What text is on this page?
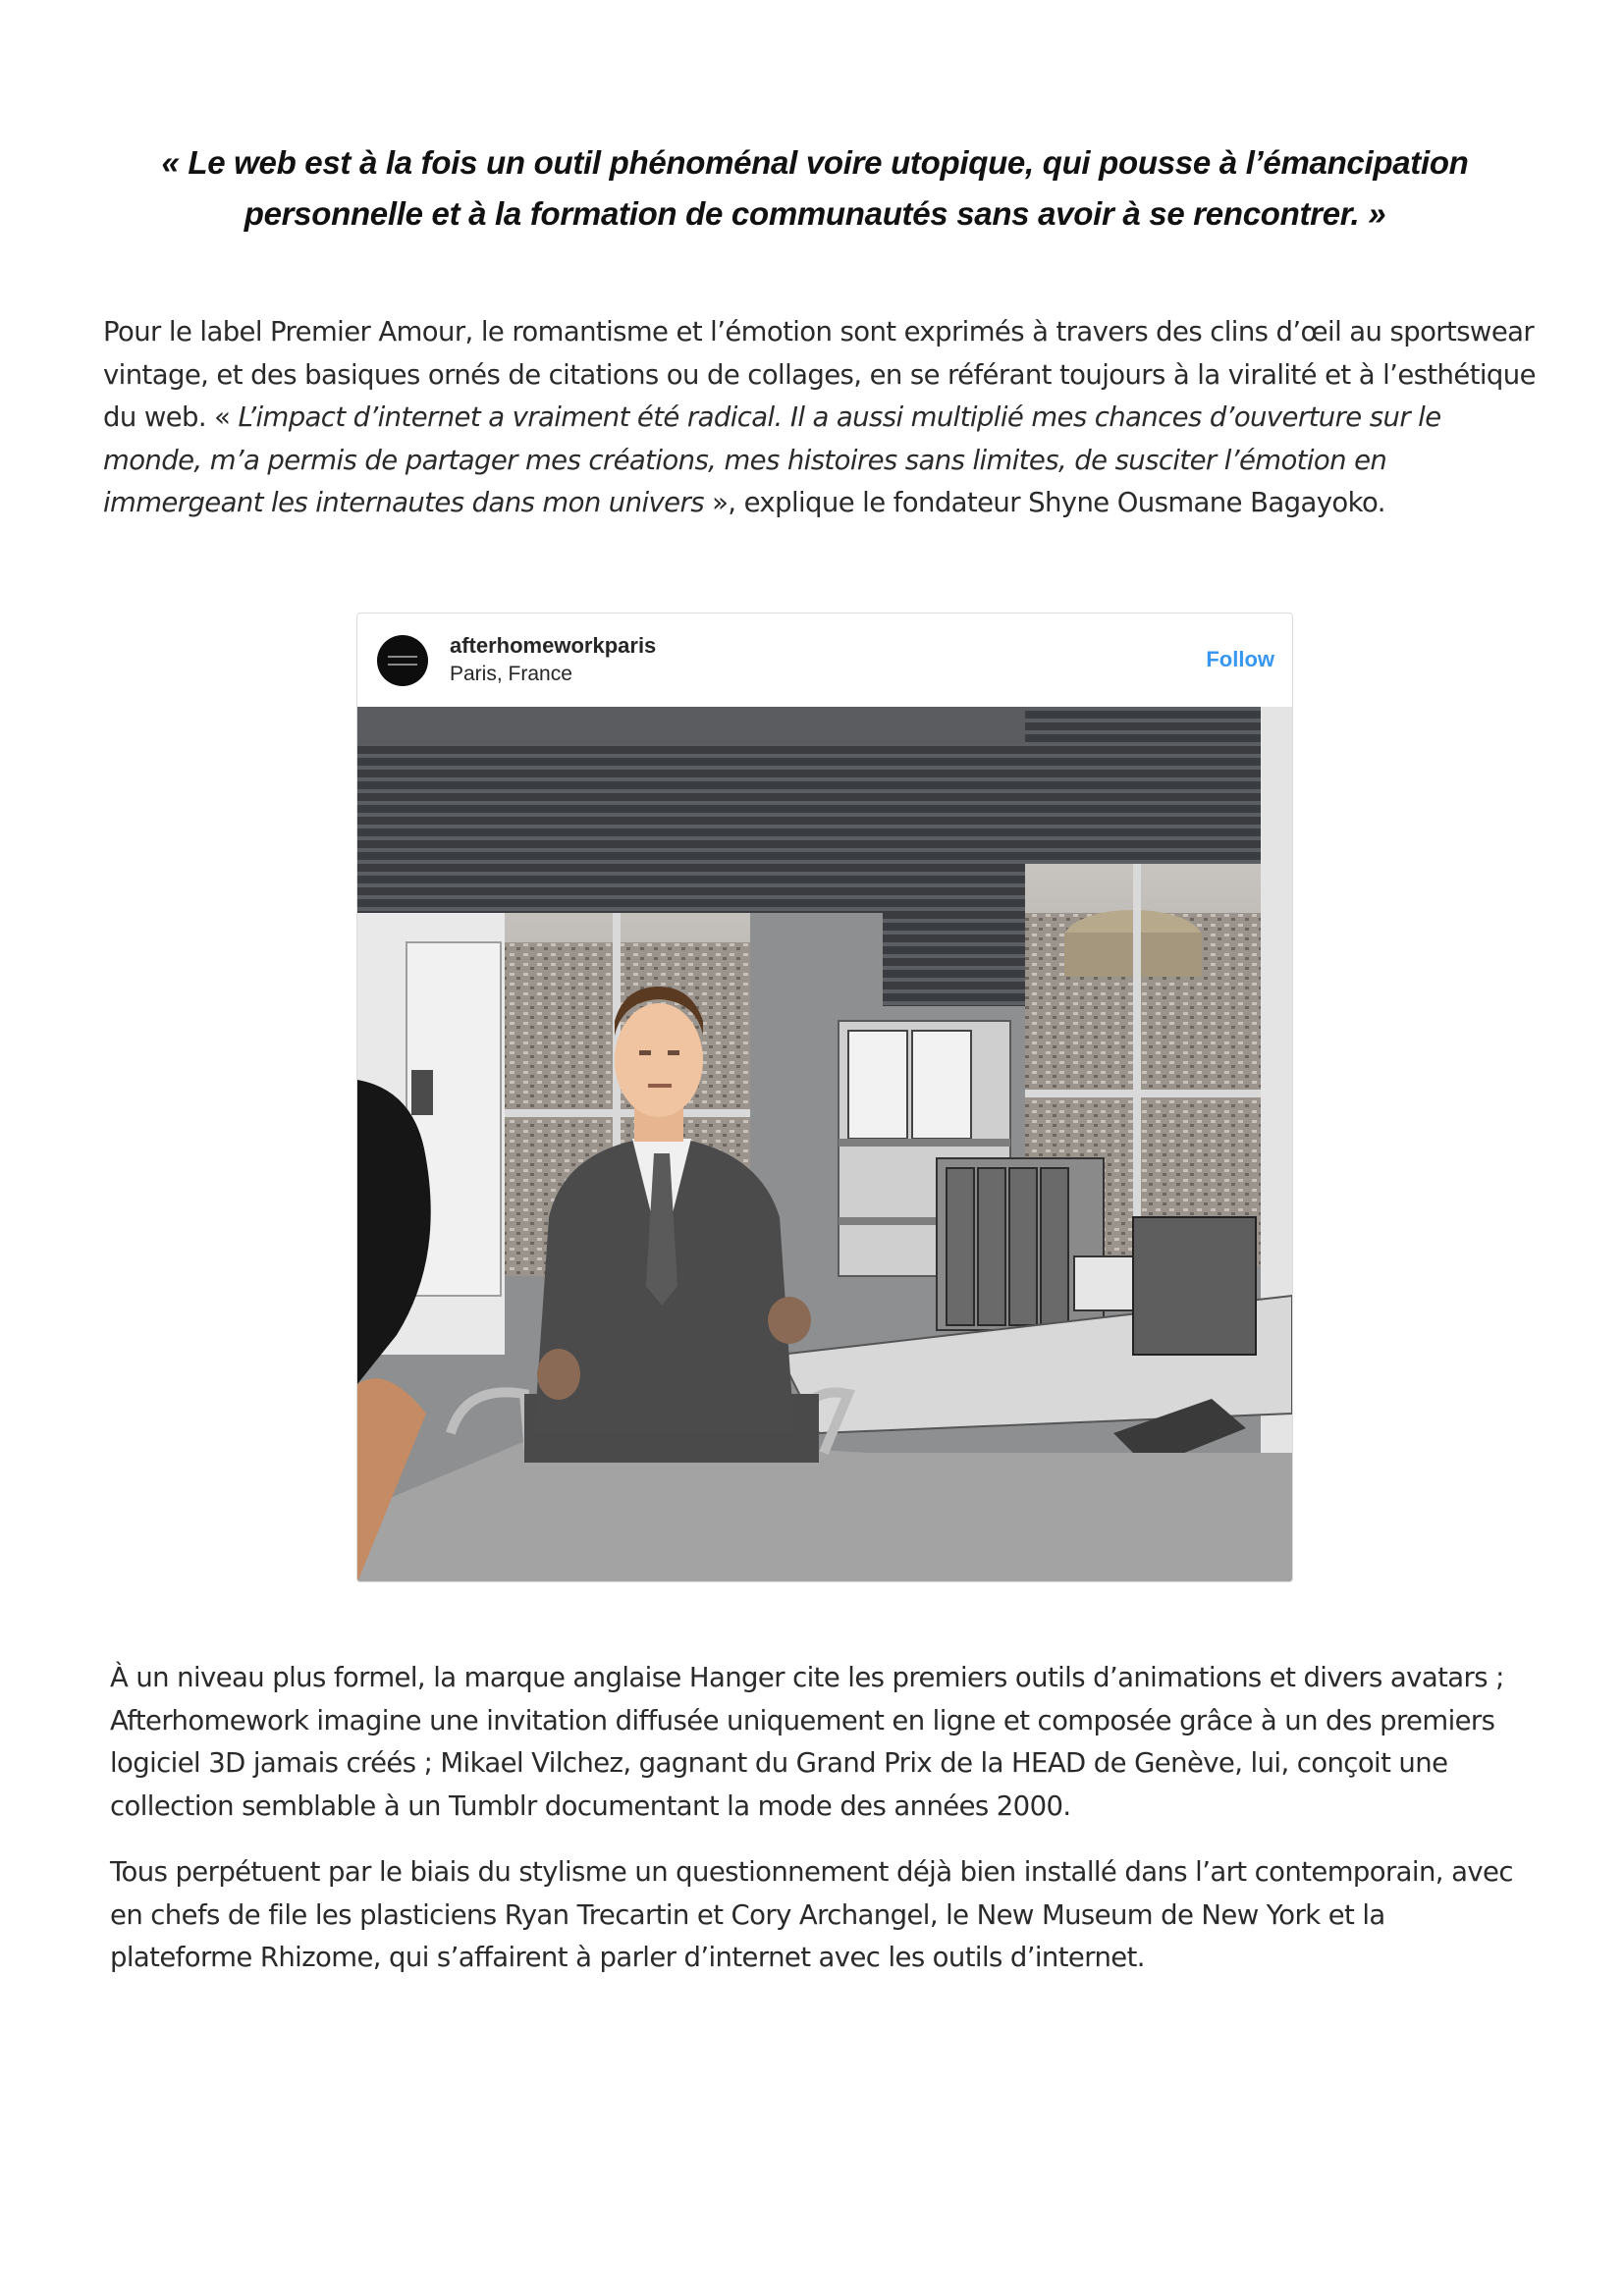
« Le web est à la fois un outil phénoménal voire utopique, qui pousse à l’émancipation
personnelle et à la formation de communautés sans avoir à se rencontrer. »
Pour le label Premier Amour, le romantisme et l’émotion sont exprimés à travers des clins d’œil au sportswear vintage, et des basiques ornés de citations ou de collages, en se référant toujours à la viralité et à l’esthétique du web. « L’impact d’internet a vraiment été radical. Il a aussi multiplié mes chances d’ouverture sur le monde, m’a permis de partager mes créations, mes histoires sans limites, de susciter l’émotion en immergeant les internautes dans mon univers », explique le fondateur Shyne Ousmane Bagayoko.
afterhomeworkparis
Paris, France
Follow
À un niveau plus formel, la marque anglaise Hanger cite les premiers outils d’animations et divers avatars ; Afterhomework imagine une invitation diffusée uniquement en ligne et composée grâce à un des premiers logiciel 3D jamais créés ; Mikael Vilchez, gagnant du Grand Prix de la HEAD de Genève, lui, conçoit une collection semblable à un Tumblr documentant la mode des années 2000.
Tous perpétuent par le biais du stylisme un questionnement déjà bien installé dans l’art contemporain, avec en chefs de file les plasticiens Ryan Trecartin et Cory Archangel, le New Museum de New York et la plateforme Rhizome, qui s’affairent à parler d’internet avec les outils d’internet.
